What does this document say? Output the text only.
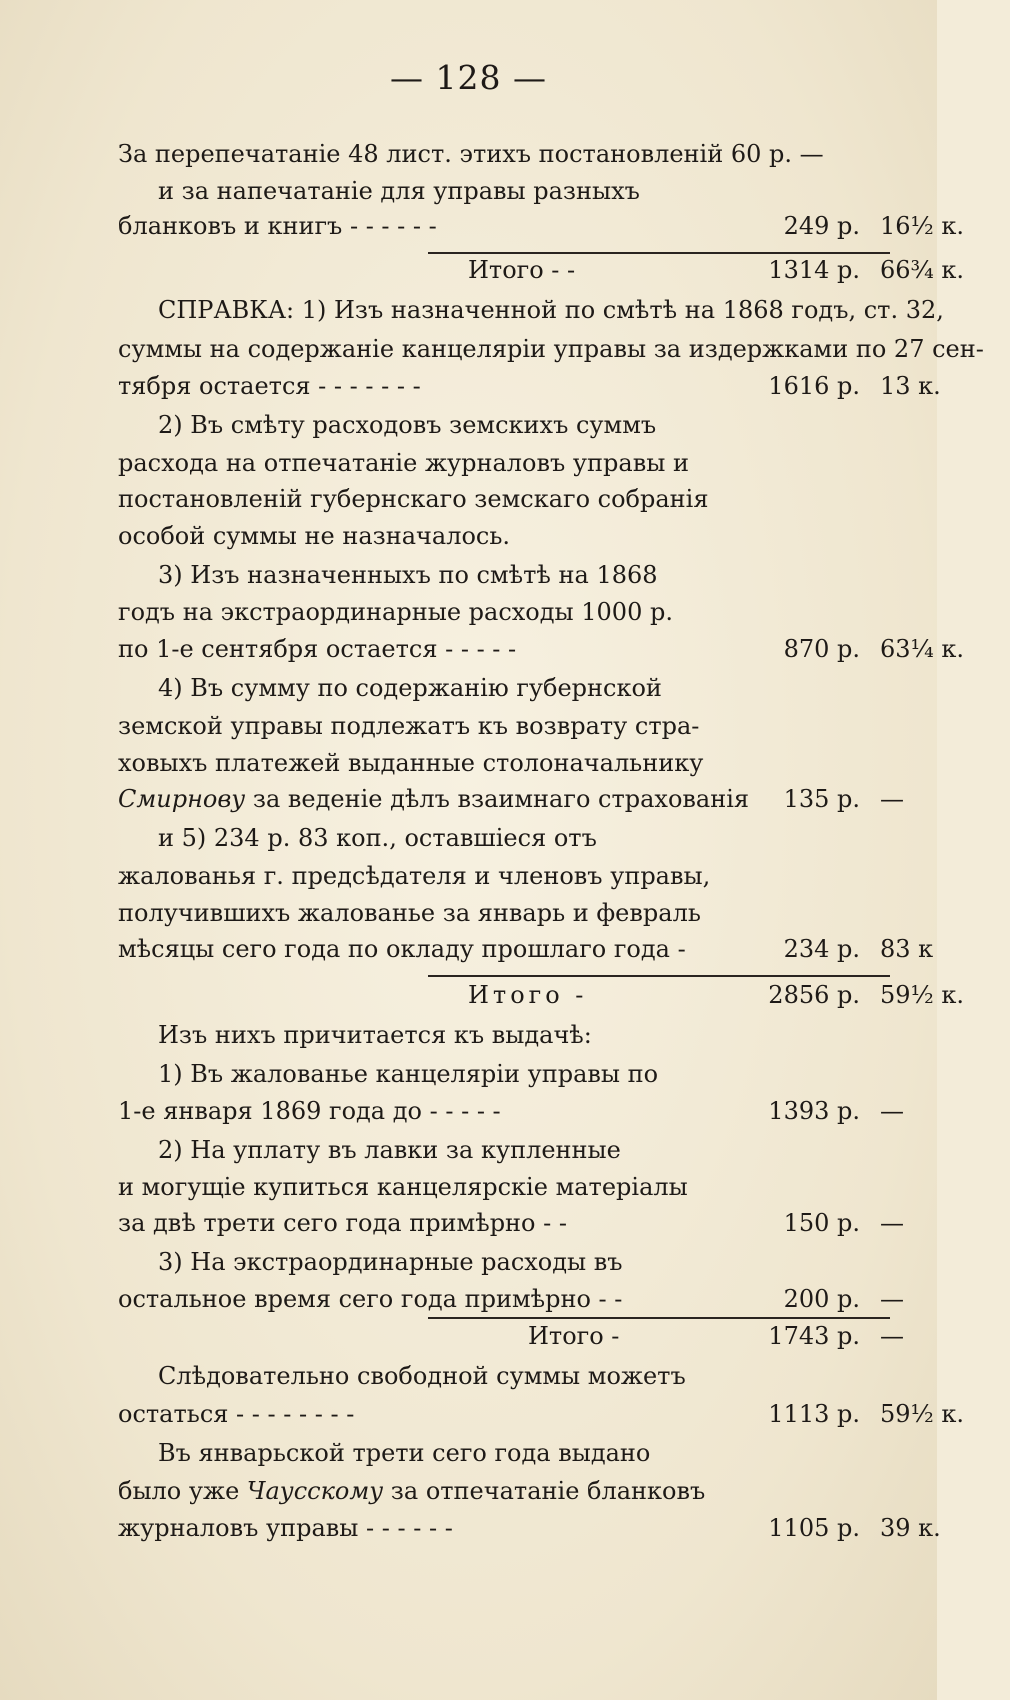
— 128 —
За перепечатаніе 48 лист. этихъ постановленій 60 р. —
и за напечатаніе для управы разныхъ
бланковъ и книгъ - - - - - -	249 р. 16½ к.
Итого - -	1314 р. 66¾ к.
СПРАВКА: 1) Изъ назначенной по смѣтѣ на 1868 годъ, ст. 32,
суммы на содержаніе канцеляріи управы за издержками по 27 сен-
тября остается - - - - - - -	1616 р. 13 к.
2) Въ смѣту расходовъ земскихъ суммъ
расхода на отпечатаніе журналовъ управы и
постановленій губернскаго земскаго собранія
особой суммы не назначалось.
3) Изъ назначенныхъ по смѣтѣ на 1868
годъ на экстраординарные расходы 1000 р.
по 1-е сентября остается - - - - -	870 р. 63¼ к.
4) Въ сумму по содержанію губернской
земской управы подлежатъ къ возврату стра-
ховыхъ платежей выданные столоначальнику
Смирнову за веденіе дѣлъ взаимнаго страхованія	135 р. —
и 5) 234 р. 83 коп., оставшіеся отъ
жалованья г. предсѣдателя и членовъ управы,
получившихъ жалованье за январь и февраль
мѣсяцы сего года по окладу прошлаго года -	234 р. 83 к
Итого -	2856 р. 59½ к.
Изъ нихъ причитается къ выдачѣ:
1) Въ жалованье канцеляріи управы по
1-е января 1869 года до - - - - -	1393 р. —
2) На уплату въ лавки за купленные
и могущіе купиться канцелярскіе матеріалы
за двѣ трети сего года примѣрно - -	150 р. —
3) На экстраординарные расходы въ
остальное время сего года примѣрно - -	200 р. —
Итого -	1743 р. —
Слѣдовательно свободной суммы можетъ
остаться - - - - - - - -	1113 р. 59½ к.
Въ январьской трети сего года выдано
было уже Чаусскому за отпечатаніе бланковъ
журналовъ управы - - - - - -	1105 р. 39 к.
